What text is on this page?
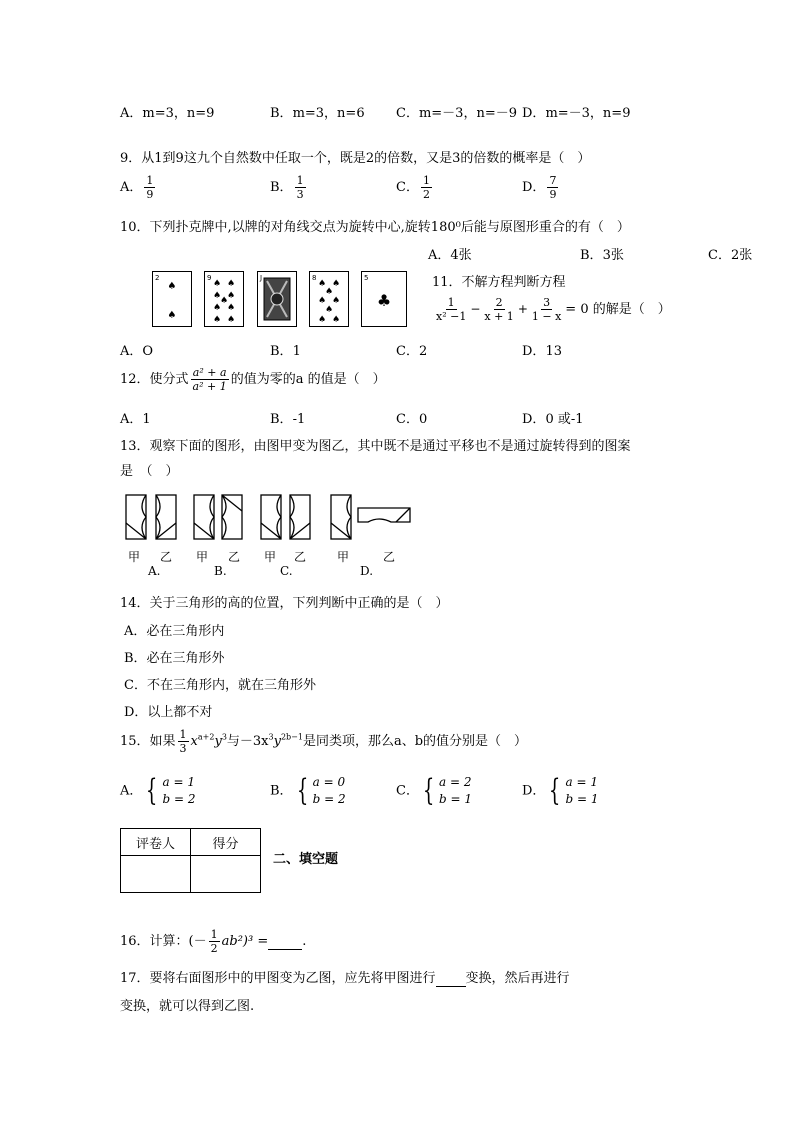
A．m=3，n=9	B．m=3，n=6 C．m=－3，n=－9 D．m=－3，n=9
9．从1到9这九个自然数中任取一个，既是2的倍数，又是3的倍数的概率是（　）
A． $\frac{1}{9}$	B． $\frac{1}{3}$	C． $\frac{1}{2}$	D． $\frac{7}{9}$
10．下列扑克牌中,以牌的对角线交点为旋转中心,旋转180⁰后能与原图形重合的有（　）
A．4张	B．3张	C．2张
2
♠
♠
9
♠ ♠
♠ ♠
♠
♠ ♠
♠ ♠
J	8
♠ ♠
♠
♠ ♠
♠
♠ ♠
5
♣
11．不解方程判断方程
$\frac{1}{\text{x² −1}} - \frac{2}{x + 1} + \frac{3}{1 - x} = 0$ 的解是（　）
A．O	B．1	C．2	D．13
12．使分式 $\frac{\text{a² + a}}{\text{a² + 1}}$ 的值为零的a 的值是（　）
A．1	B．-1	C．0	D．0 或-1
13．观察下面的图形，由图甲变为图乙，其中既不是通过平移也不是通过旋转得到的图案
是　（　）
甲 乙 甲 乙 甲 乙	甲	乙
A.	B.	C.	D.
14．关于三角形的高的位置，下列判断中正确的是（　）
A．必在三角形内
B．必在三角形外
C．不在三角形内，就在三角形外
D．以上都不对
15．如果 $\frac{1}{3} x^{a+2}y^3$与$-3x^3y^{2b-1}$是同类项，那么a、b的值分别是（　）
A． { a = 1
b = 2
B． { a = 0
b = 2
C． { a = 2
b = 1
D． { a = 1
b = 1
评卷人	得分

二、填空题
16．计算：(－ $\frac{1}{2} ab^2)^3$ =	.
17．要将右面图形中的甲图变为乙图，应先将甲图进行 变换，然后再进行
变换，就可以得到乙图.
